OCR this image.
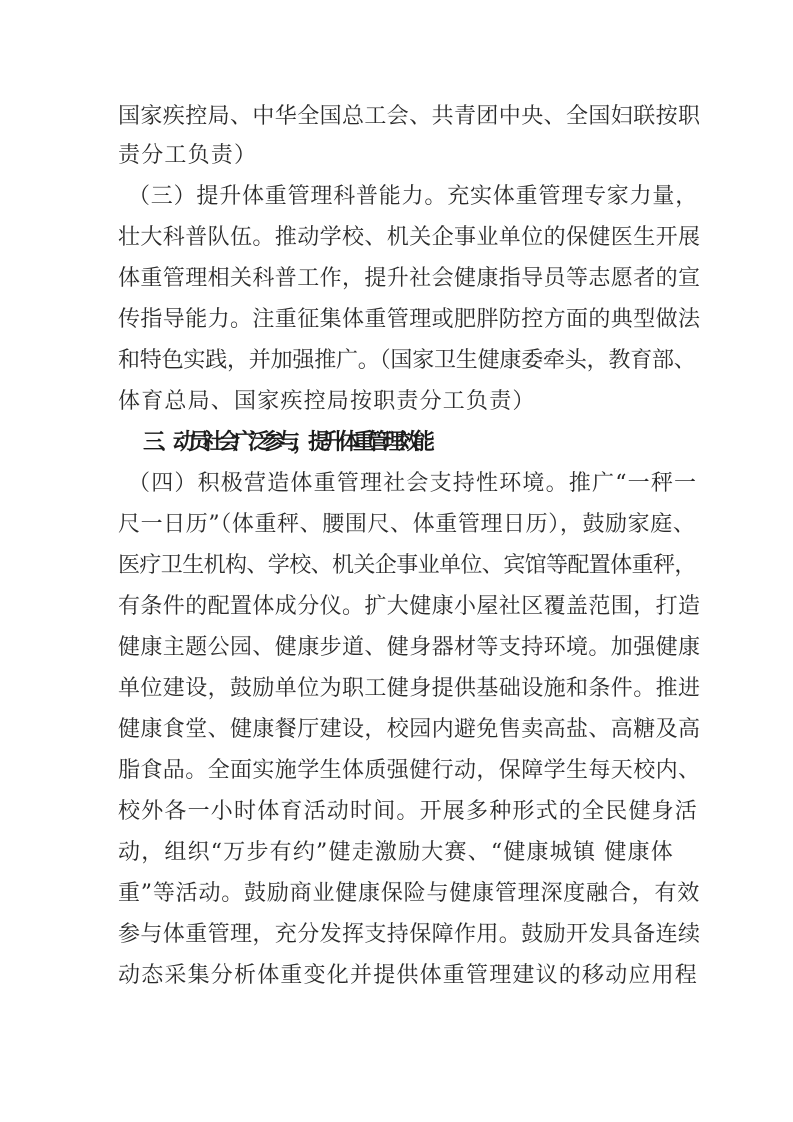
国家疾控局、中华全国总工会、共青团中央、全国妇联按职
责分工负责）
（三）提升体重管理科普能力。充实体重管理专家力量，
壮大科普队伍。推动学校、机关企事业单位的保健医生开展
体重管理相关科普工作，提升社会健康指导员等志愿者的宣
传指导能力。注重征集体重管理或肥胖防控方面的典型做法
和特色实践，并加强推广。（国家卫生健康委牵头，教育部、
体育总局、国家疾控局按职责分工负责）
三、动员社会广泛参与，提升体重管理效能
（四）积极营造体重管理社会支持性环境。推广“一秤一
尺一日历”（体重秤、腰围尺、体重管理日历），鼓励家庭、
医疗卫生机构、学校、机关企事业单位、宾馆等配置体重秤，
有条件的配置体成分仪。扩大健康小屋社区覆盖范围，打造
健康主题公园、健康步道、健身器材等支持环境。加强健康
单位建设，鼓励单位为职工健身提供基础设施和条件。推进
健康食堂、健康餐厅建设，校园内避免售卖高盐、高糖及高
脂食品。全面实施学生体质强健行动，保障学生每天校内、
校外各一小时体育活动时间。开展多种形式的全民健身活
动，组织“万步有约”健走激励大赛、“健康城镇 健康体
重”等活动。鼓励商业健康保险与健康管理深度融合，有效
参与体重管理，充分发挥支持保障作用。鼓励开发具备连续
动态采集分析体重变化并提供体重管理建议的移动应用程
